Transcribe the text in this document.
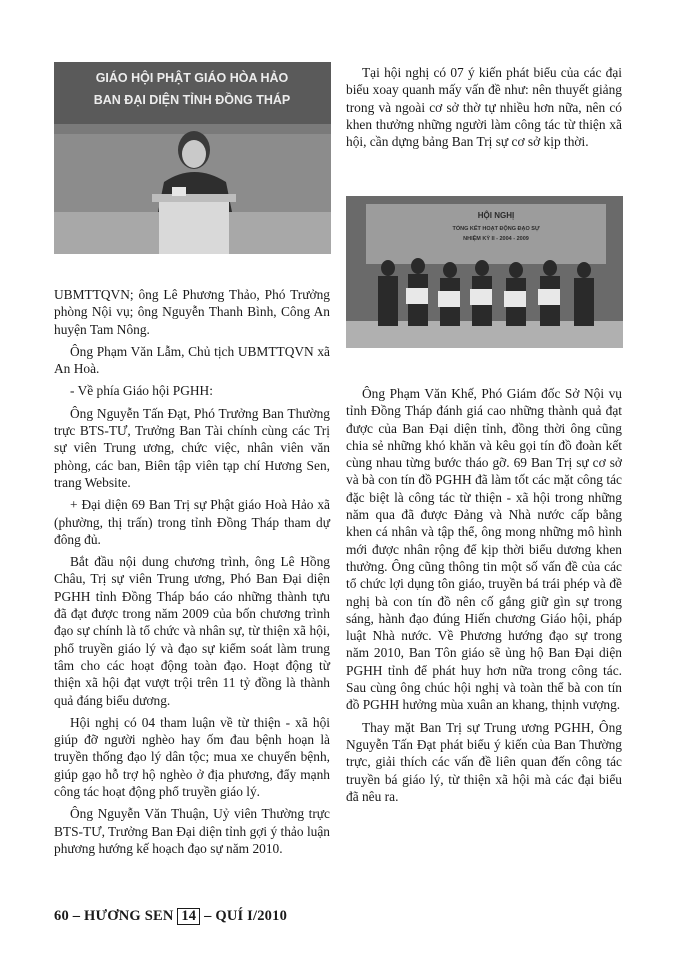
GIÁO HỘI PHẬT GIÁO HÒA HẢO
BAN ĐẠI DIỆN TỈNH ĐỒNG THÁP
HỘI NGHỊ
TỔNG KẾT HOẠT ĐỘNG ĐẠO SỰ
NHIỆM KỲ II - 2004 - 2009

UBMTTQVN; ông Lê Phương Thảo, Phó Trưởng phòng Nội vụ; ông Nguyễn Thanh Bình, Công An huyện Tam Nông.

Ông Phạm Văn Lẫm, Chủ tịch UBMTTQVN xã An Hoà.

- Về phía Giáo hội PGHH:

Ông Nguyễn Tấn Đạt, Phó Trưởng Ban Thường trực BTS-TƯ, Trưởng Ban Tài chính cùng các Trị sự viên Trung ương, chức việc, nhân viên văn phòng, các ban, Biên tập viên tạp chí Hương Sen, trang Website.

+ Đại diện 69 Ban Trị sự Phật giáo Hoà Hảo xã (phường, thị trấn) trong tỉnh Đồng Tháp tham dự đông đủ.

Bắt đầu nội dung chương trình, ông Lê Hồng Châu, Trị sự viên Trung ương, Phó Ban Đại diện PGHH tỉnh Đồng Tháp báo cáo những thành tựu đã đạt được trong năm 2009 của bốn chương trình đạo sự chính là tổ chức và nhân sự, từ thiện xã hội, phổ truyền giáo lý và đạo sự kiểm soát làm trung tâm cho các hoạt động toàn đạo. Hoạt động từ thiện xã hội đạt vượt trội trên 11 tỷ đồng là thành quả đáng biểu dương.

Hội nghị có 04 tham luận về từ thiện - xã hội giúp đỡ người nghèo hay ốm đau bệnh hoạn là truyền thống đạo lý dân tộc; mua xe chuyển bệnh, giúp gạo hỗ trợ hộ nghèo ở địa phương, đẩy mạnh công tác hoạt động phổ truyền giáo lý.

Ông Nguyễn Văn Thuận, Uỷ viên Thường trực BTS-TƯ, Trưởng Ban Đại diện tỉnh gợi ý thảo luận phương hướng kế hoạch đạo sự năm 2010.

Tại hội nghị có 07 ý kiến phát biểu của các đại biểu xoay quanh mấy vấn đề như: nên thuyết giảng trong và ngoài cơ sở thờ tự nhiều hơn nữa, nên có khen thưởng những người làm công tác từ thiện xã hội, cần dựng bảng Ban Trị sự cơ sở kịp thời.

Ông Phạm Văn Khế, Phó Giám đốc Sở Nội vụ tỉnh Đồng Tháp đánh giá cao những thành quả đạt được của Ban Đại diện tỉnh, đồng thời ông cũng chia sẻ những khó khăn và kêu gọi tín đồ đoàn kết cùng nhau từng bước tháo gỡ. 69 Ban Trị sự cơ sở và bà con tín đồ PGHH đã làm tốt các mặt công tác đặc biệt là công tác từ thiện - xã hội trong những năm qua đã được Đảng và Nhà nước cấp bằng khen cá nhân và tập thể, ông mong những mô hình mới được nhân rộng để kịp thời biểu dương khen thưởng. Ông cũng thông tin một số vấn đề của các tổ chức lợi dụng tôn giáo, truyền bá trái phép và đề nghị bà con tín đồ nên cố gắng giữ gìn sự trong sáng, hành đạo đúng Hiến chương Giáo hội, pháp luật Nhà nước. Về Phương hướng đạo sự trong năm 2010, Ban Tôn giáo sẽ ủng hộ Ban Đại diện PGHH tỉnh để phát huy hơn nữa trong công tác. Sau cùng ông chúc hội nghị và toàn thể bà con tín đồ PGHH hưởng mùa xuân an khang, thịnh vượng.

Thay mặt Ban Trị sự Trung ương PGHH, Ông Nguyễn Tấn Đạt phát biểu ý kiến của Ban Thường trực, giải thích các vấn đề liên quan đến công tác truyền bá giáo lý, từ thiện xã hội mà các đại biểu đã nêu ra.

60 – HƯƠNG SEN 14 – QUÍ I/2010
